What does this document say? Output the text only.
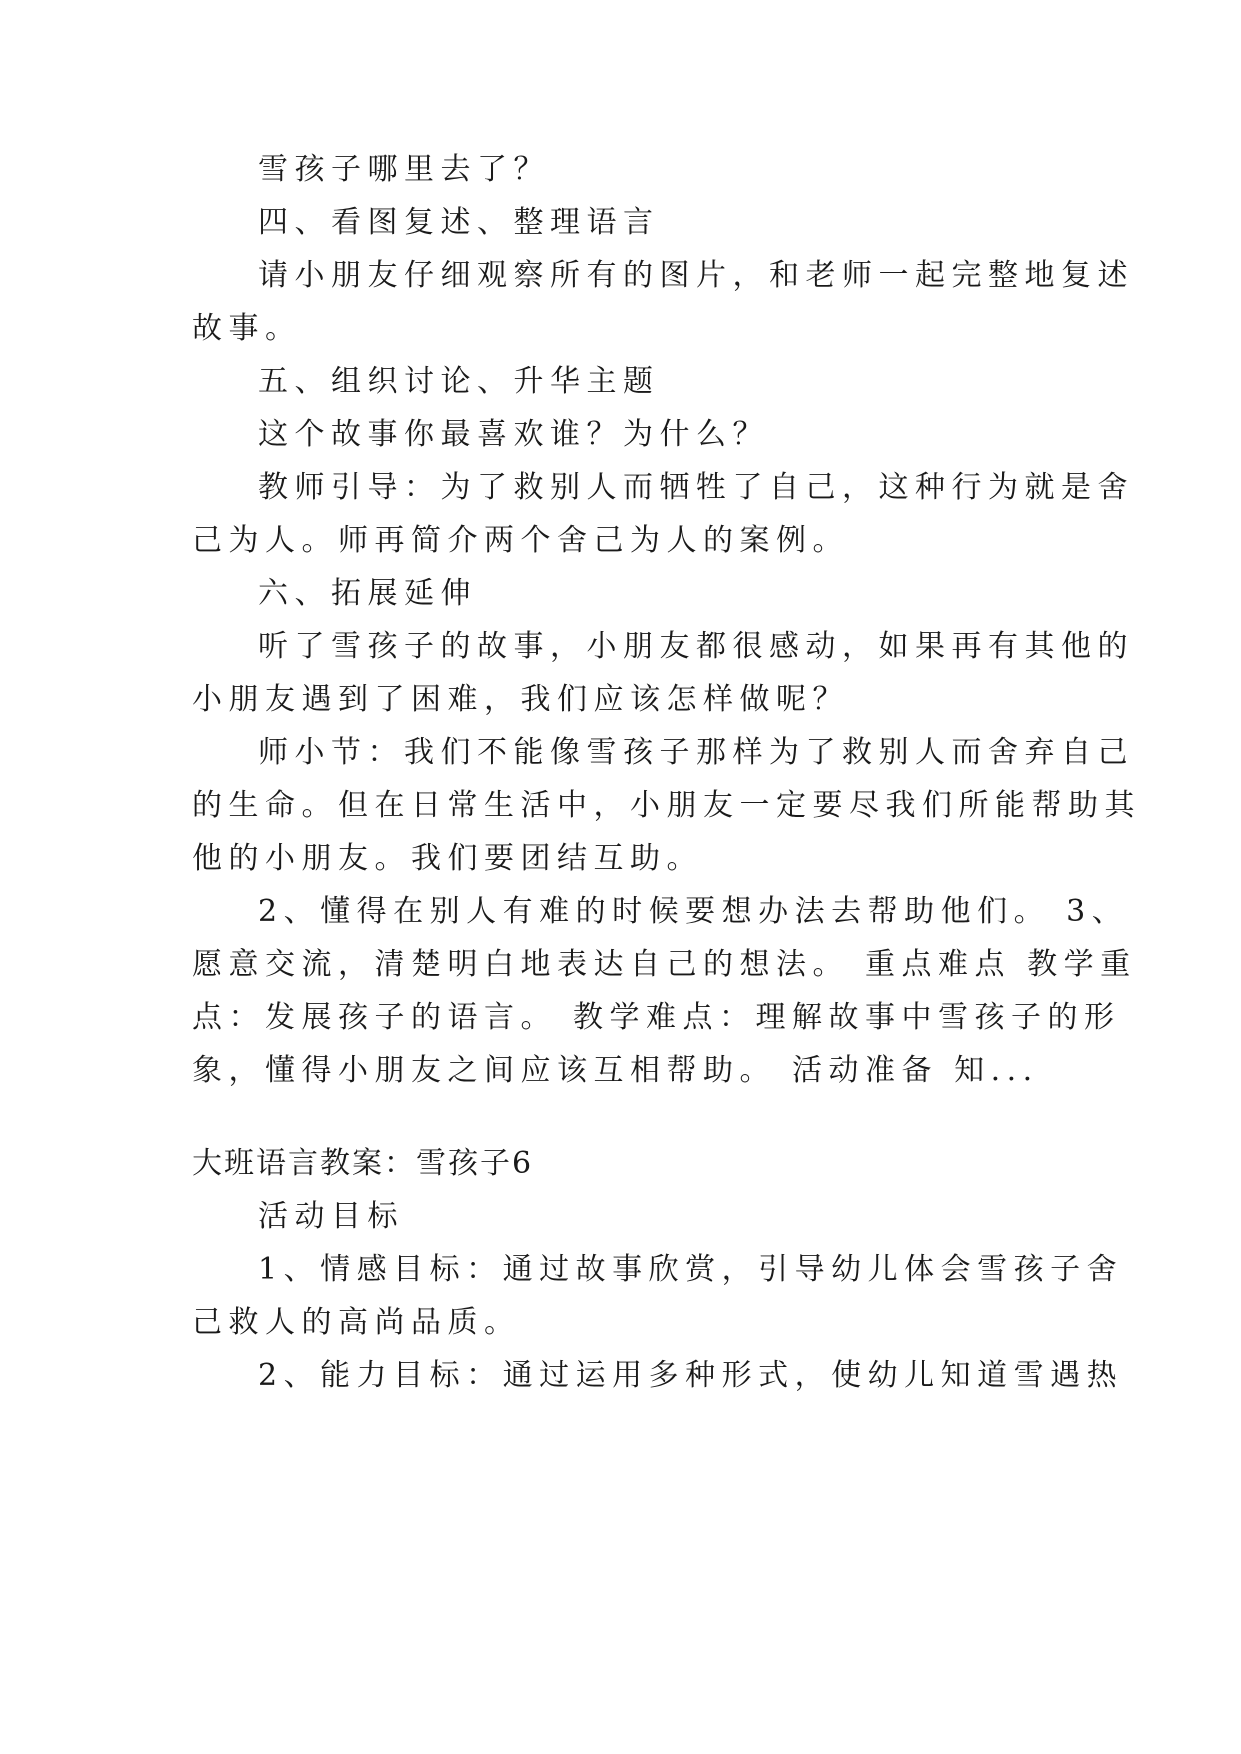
雪孩子哪里去了？

四、看图复述、整理语言

请小朋友仔细观察所有的图片，和老师一起完整地复述

故事。

五、组织讨论、升华主题

这个故事你最喜欢谁？为什么？

教师引导：为了救别人而牺牲了自己，这种行为就是舍

己为人。师再简介两个舍己为人的案例。

六、拓展延伸

听了雪孩子的故事，小朋友都很感动，如果再有其他的

小朋友遇到了困难，我们应该怎样做呢？

师小节：我们不能像雪孩子那样为了救别人而舍弃自己

的生命。但在日常生活中，小朋友一定要尽我们所能帮助其

他的小朋友。我们要团结互助。

2、懂得在别人有难的时候要想办法去帮助他们。 3、

愿意交流，清楚明白地表达自己的想法。 重点难点 教学重

点：发展孩子的语言。 教学难点：理解故事中雪孩子的形

象，懂得小朋友之间应该互相帮助。 活动准备 知...

大班语言教案：雪孩子6

活动目标

1、情感目标：通过故事欣赏，引导幼儿体会雪孩子舍

己救人的高尚品质。

2、能力目标：通过运用多种形式，使幼儿知道雪遇热
